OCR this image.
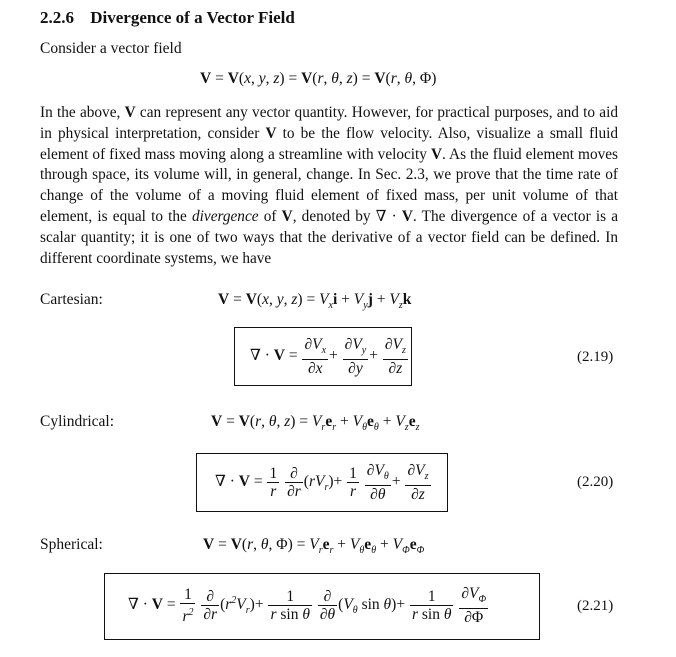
2.2.6 Divergence of a Vector Field
Consider a vector field
V = V(x, y, z) = V(r, θ, z) = V(r, θ, Φ)
In the above, V can represent any vector quantity. However, for practical purposes, and to aid in physical interpretation, consider V to be the flow velocity. Also, visualize a small fluid element of fixed mass moving along a streamline with velocity V. As the fluid element moves through space, its volume will, in general, change. In Sec. 2.3, we prove that the time rate of change of the volume of a moving fluid element of fixed mass, per unit volume of that element, is equal to the divergence of V, denoted by ∇ · V. The divergence of a vector is a scalar quantity; it is one of two ways that the derivative of a vector field can be defined. In different coordinate systems, we have
Cartesian:	V = V(x, y, $z) = V_xi + V_yj + V_zk$
∇ · $V = \frac{\partial V_x}{\partial x} + \frac{\partial V_y}{\partial y} + \frac{\partial V_z}{\partial z}$	(2.19)
Cylindrical:	V = V(r, θ, $z) = V_re_r + V_\theta e_\theta + V_ze_z$
∇ · $V = \frac{1}{r}$
$\frac{\partial}{\partial r} (rV_r)+ \frac{1}{r}$
$\frac{\partial V_\theta}{\partial\theta} + \frac{\partial V_z}{\partial z}$	(2.20)
Spherical:	V = V(r, θ, $\Phi) = V_re_r + V_\theta e_\theta + V_\Phi e_\Phi$
∇ · $V = \frac{1}{r^2}$
$\frac{\partial}{\partial r} (r^2V_r)+ \frac{1}{\text{r sin θ}}$
$\frac{\partial}{\partial\theta} (V_\theta$ $\sin \theta)+ \frac{1}{\text{r sin θ}}$
$\frac{\partial V_\Phi}{\partial\Phi}$	(2.21)
